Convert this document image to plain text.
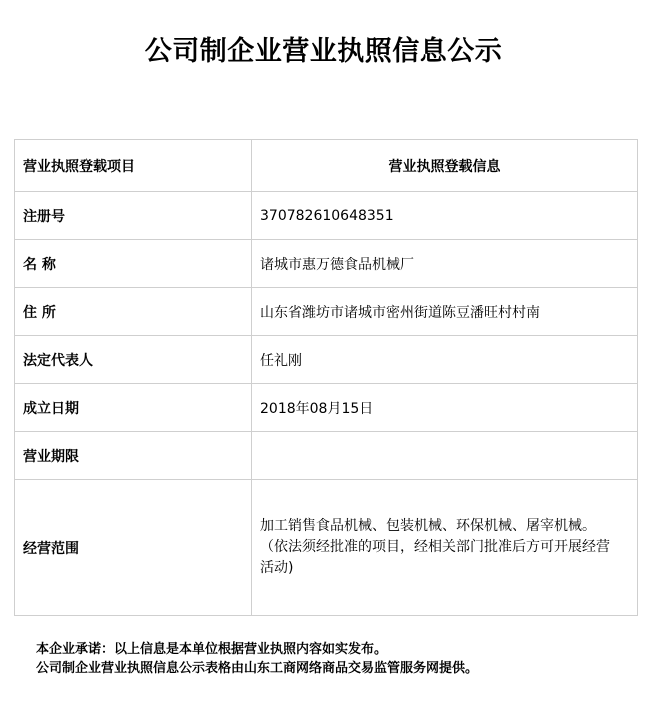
公司制企业营业执照信息公示
营业执照登载项目	营业执照登载信息
注册号	370782610648351
名 称	诸城市惠万德食品机械厂
住 所	山东省潍坊市诸城市密州街道陈豆潘旺村村南
法定代表人	任礼刚
成立日期	2018年08月15日
营业期限	
经营范围	加工销售食品机械、包装机械、环保机械、屠宰机械。 （依法须经批准的项目，经相关部门批准后方可开展经营活动)
本企业承诺：以上信息是本单位根据营业执照内容如实发布。
公司制企业营业执照信息公示表格由山东工商网络商品交易监管服务网提供。
